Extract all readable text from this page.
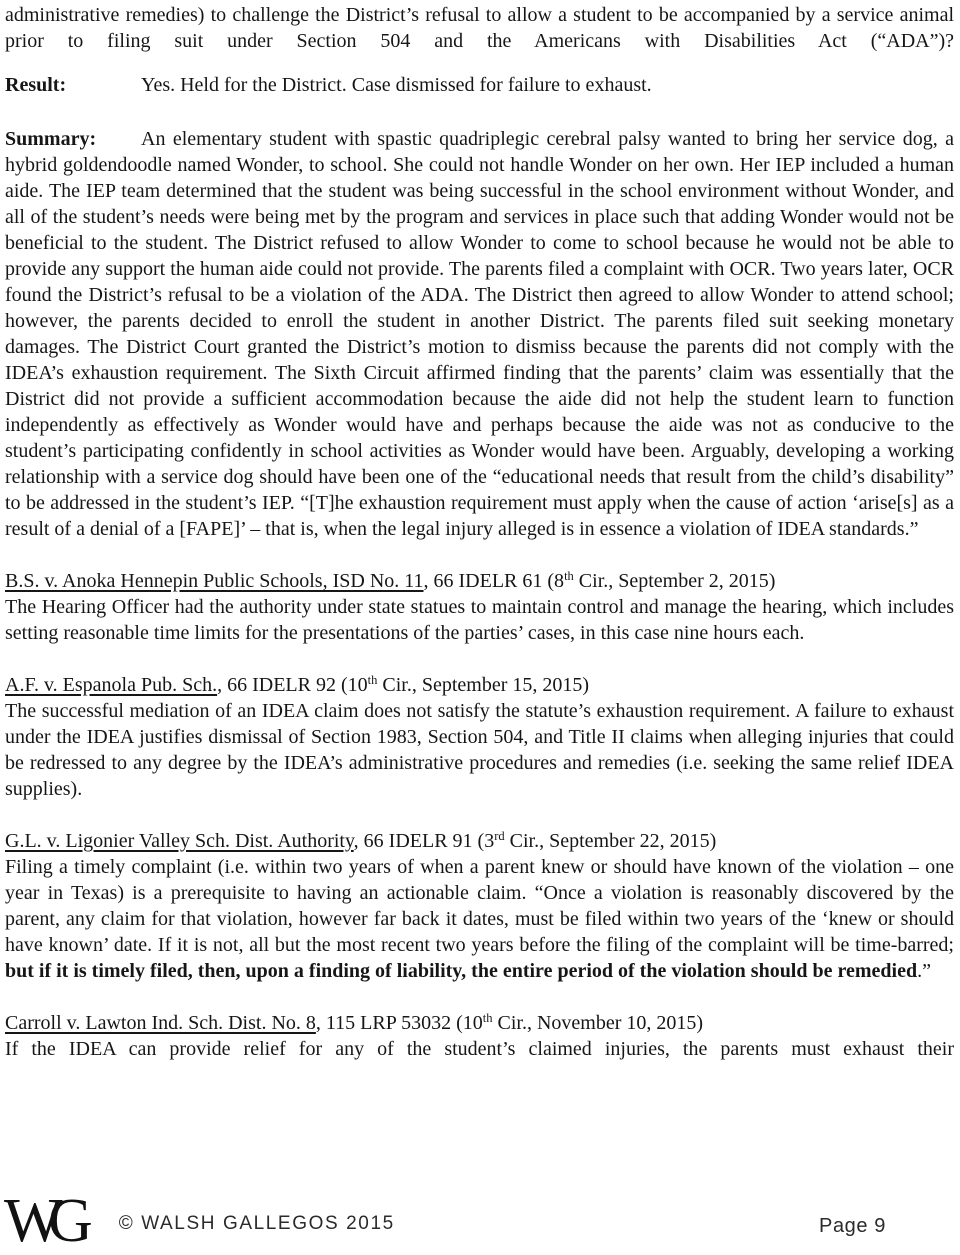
administrative remedies) to challenge the District’s refusal to allow a student to be accompanied by a service animal prior to filing suit under Section 504 and the Americans with Disabilities Act (“ADA”)?

Result:	Yes. Held for the District. Case dismissed for failure to exhaust.

Summary: An elementary student with spastic quadriplegic cerebral palsy wanted to bring her service dog, a hybrid goldendoodle named Wonder, to school. She could not handle Wonder on her own. Her IEP included a human aide. The IEP team determined that the student was being successful in the school environment without Wonder, and all of the student’s needs were being met by the program and services in place such that adding Wonder would not be beneficial to the student. The District refused to allow Wonder to come to school because he would not be able to provide any support the human aide could not provide. The parents filed a complaint with OCR. Two years later, OCR found the District’s refusal to be a violation of the ADA. The District then agreed to allow Wonder to attend school; however, the parents decided to enroll the student in another District. The parents filed suit seeking monetary damages. The District Court granted the District’s motion to dismiss because the parents did not comply with the IDEA’s exhaustion requirement. The Sixth Circuit affirmed finding that the parents’ claim was essentially that the District did not provide a sufficient accommodation because the aide did not help the student learn to function independently as effectively as Wonder would have and perhaps because the aide was not as conducive to the student’s participating confidently in school activities as Wonder would have been. Arguably, developing a working relationship with a service dog should have been one of the “educational needs that result from the child’s disability” to be addressed in the student’s IEP. “[T]he exhaustion requirement must apply when the cause of action ‘arise[s] as a result of a denial of a [FAPE]’ – that is, when the legal injury alleged is in essence a violation of IDEA standards.”

B.S. v. Anoka Hennepin Public Schools, ISD No. 11, 66 IDELR 61 (8th Cir., September 2, 2015)
The Hearing Officer had the authority under state statues to maintain control and manage the hearing, which includes setting reasonable time limits for the presentations of the parties’ cases, in this case nine hours each.
A.F. v. Espanola Pub. Sch., 66 IDELR 92 (10th Cir., September 15, 2015)
The successful mediation of an IDEA claim does not satisfy the statute’s exhaustion requirement. A failure to exhaust under the IDEA justifies dismissal of Section 1983, Section 504, and Title II claims when alleging injuries that could be redressed to any degree by the IDEA’s administrative procedures and remedies (i.e. seeking the same relief IDEA supplies).
G.L. v. Ligonier Valley Sch. Dist. Authority, 66 IDELR 91 (3rd Cir., September 22, 2015)
Filing a timely complaint (i.e. within two years of when a parent knew or should have known of the violation – one year in Texas) is a prerequisite to having an actionable claim. “Once a violation is reasonably discovered by the parent, any claim for that violation, however far back it dates, must be filed within two years of the ‘knew or should have known’ date. If it is not, all but the most recent two years before the filing of the complaint will be time-barred; but if it is timely filed, then, upon a finding of liability, the entire period of the violation should be remedied.”
Carroll v. Lawton Ind. Sch. Dist. No. 8, 115 LRP 53032 (10th Cir., November 10, 2015)
If the IDEA can provide relief for any of the student’s claimed injuries, the parents must exhaust their
WG	© WALSH GALLEGOS 2015	Page 9
